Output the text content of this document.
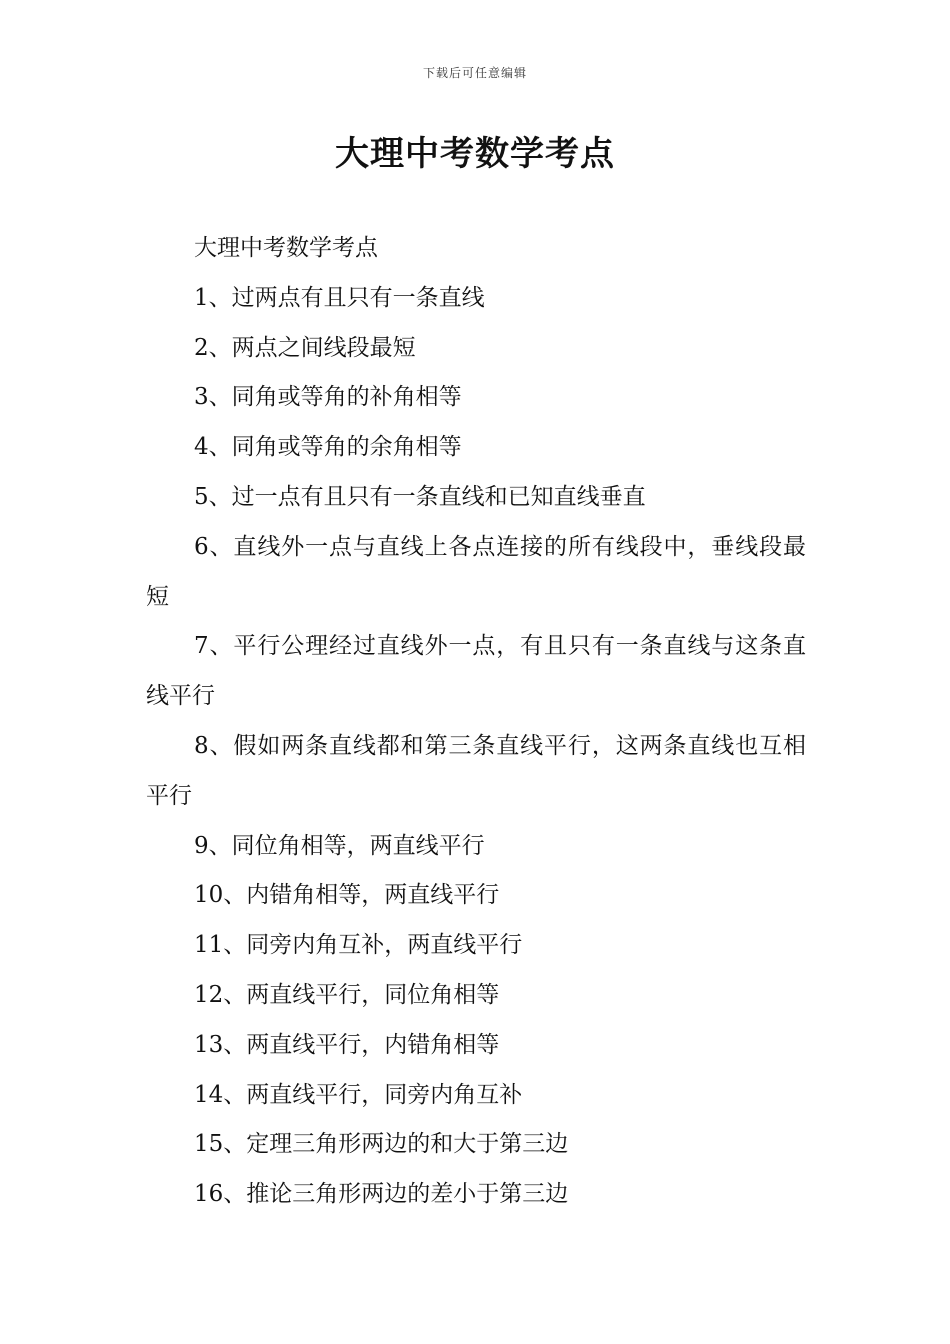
下载后可任意编辑
大理中考数学考点

大理中考数学考点

1、过两点有且只有一条直线

2、两点之间线段最短

3、同角或等角的补角相等

4、同角或等角的余角相等

5、过一点有且只有一条直线和已知直线垂直

6、直线外一点与直线上各点连接的所有线段中，垂线段最短

7、平行公理经过直线外一点，有且只有一条直线与这条直线平行

8、假如两条直线都和第三条直线平行，这两条直线也互相平行

9、同位角相等，两直线平行

10、内错角相等，两直线平行

11、同旁内角互补，两直线平行

12、两直线平行，同位角相等

13、两直线平行，内错角相等

14、两直线平行，同旁内角互补

15、定理三角形两边的和大于第三边

16、推论三角形两边的差小于第三边
